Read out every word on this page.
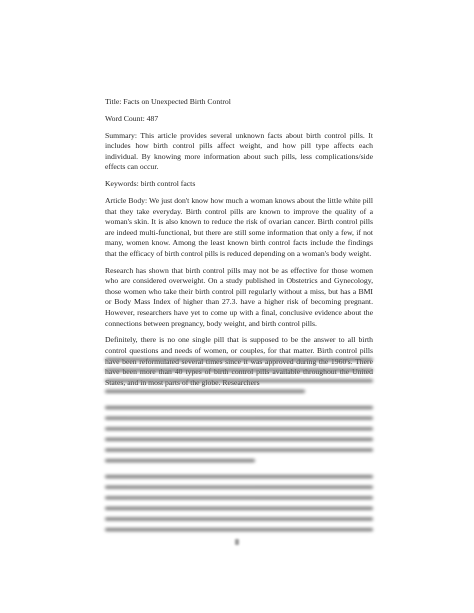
Title: Facts on Unexpected Birth Control

Word Count: 487

Summary: This article provides several unknown facts about birth control pills. It includes how birth control pills affect weight, and how pill type affects each individual. By knowing more information about such pills, less complications/side effects can occur.

Keywords: birth control facts

Article Body: We just don't know how much a woman knows about the little white pill that they take everyday. Birth control pills are known to improve the quality of a woman's skin. It is also known to reduce the risk of ovarian cancer. Birth control pills are indeed multi-functional, but there are still some information that only a few, if not many, women know. Among the least known birth control facts include the findings that the efficacy of birth control pills is reduced depending on a woman's body weight.

Research has shown that birth control pills may not be as effective for those women who are considered overweight. On a study published in Obstetrics and Gynecology, those women who take their birth control pill regularly without a miss, but has a BMI or Body Mass Index of higher than 27.3. have a higher risk of becoming pregnant. However, researchers have yet to come up with a final, conclusive evidence about the connections between pregnancy, body weight, and birth control pills.

Definitely, there is no one single pill that is supposed to be the answer to all birth control questions and needs of women, or couples, for that matter. Birth control pills
